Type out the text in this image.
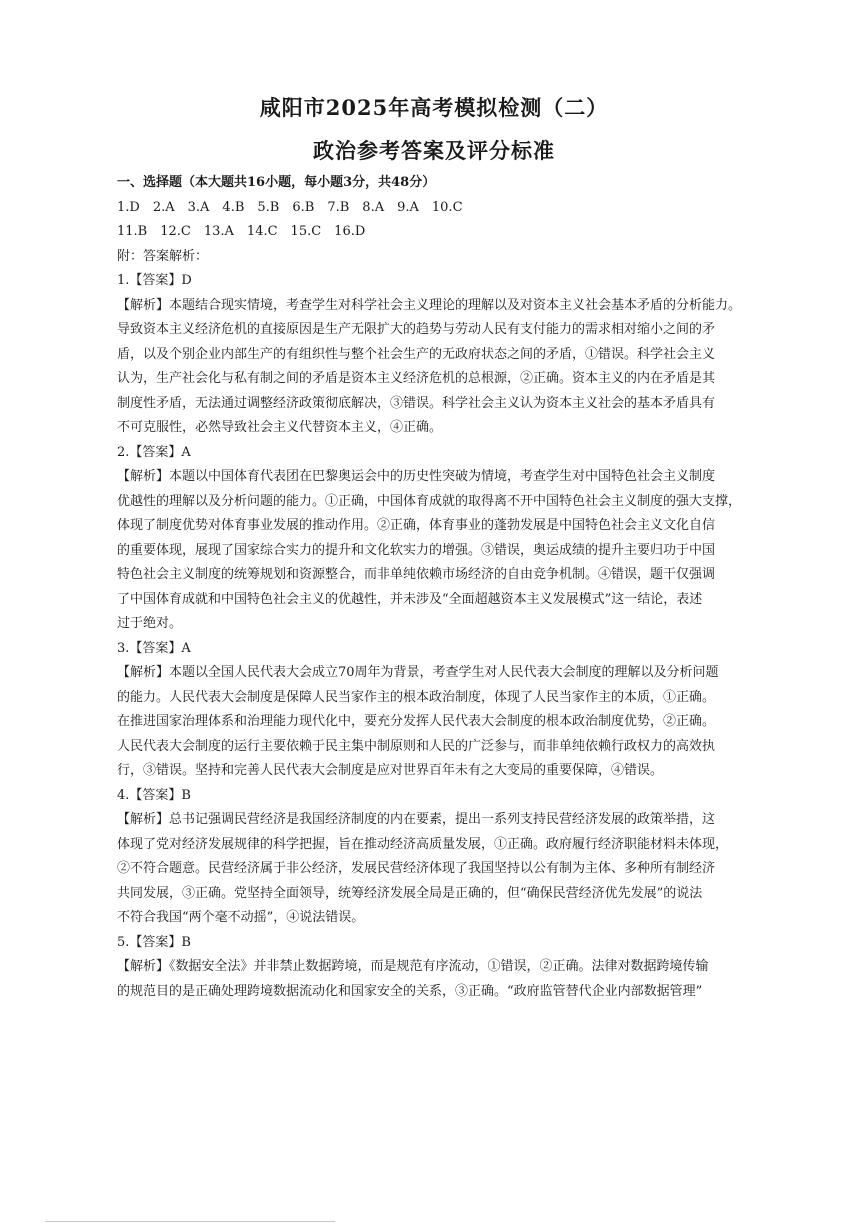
咸阳市2025年高考模拟检测（二）
政治参考答案及评分标准
一、选择题（本大题共16小题，每小题3分，共48分）
1.D 2.A 3.A 4.B 5.B 6.B 7.B 8.A 9.A 10.C
11.B 12.C 13.A 14.C 15.C 16.D
附：答案解析：
1.【答案】D
【解析】本题结合现实情境，考查学生对科学社会主义理论的理解以及对资本主义社会基本矛盾的分析能力。
导致资本主义经济危机的直接原因是生产无限扩大的趋势与劳动人民有支付能力的需求相对缩小之间的矛
盾，以及个别企业内部生产的有组织性与整个社会生产的无政府状态之间的矛盾，①错误。科学社会主义
认为，生产社会化与私有制之间的矛盾是资本主义经济危机的总根源，②正确。资本主义的内在矛盾是其
制度性矛盾，无法通过调整经济政策彻底解决，③错误。科学社会主义认为资本主义社会的基本矛盾具有
不可克服性，必然导致社会主义代替资本主义，④正确。
2.【答案】A
【解析】本题以中国体育代表团在巴黎奥运会中的历史性突破为情境，考查学生对中国特色社会主义制度
优越性的理解以及分析问题的能力。①正确，中国体育成就的取得离不开中国特色社会主义制度的强大支撑，
体现了制度优势对体育事业发展的推动作用。②正确，体育事业的蓬勃发展是中国特色社会主义文化自信
的重要体现，展现了国家综合实力的提升和文化软实力的增强。③错误，奥运成绩的提升主要归功于中国
特色社会主义制度的统筹规划和资源整合，而非单纯依赖市场经济的自由竞争机制。④错误，题干仅强调
了中国体育成就和中国特色社会主义的优越性，并未涉及“全面超越资本主义发展模式”这一结论，表述
过于绝对。
3.【答案】A
【解析】本题以全国人民代表大会成立70周年为背景，考查学生对人民代表大会制度的理解以及分析问题
的能力。人民代表大会制度是保障人民当家作主的根本政治制度，体现了人民当家作主的本质，①正确。
在推进国家治理体系和治理能力现代化中，要充分发挥人民代表大会制度的根本政治制度优势，②正确。
人民代表大会制度的运行主要依赖于民主集中制原则和人民的广泛参与，而非单纯依赖行政权力的高效执
行，③错误。坚持和完善人民代表大会制度是应对世界百年未有之大变局的重要保障，④错误。
4.【答案】B
【解析】总书记强调民营经济是我国经济制度的内在要素，提出一系列支持民营经济发展的政策举措，这
体现了党对经济发展规律的科学把握，旨在推动经济高质量发展，①正确。政府履行经济职能材料未体现，
②不符合题意。民营经济属于非公经济，发展民营经济体现了我国坚持以公有制为主体、多种所有制经济
共同发展，③正确。党坚持全面领导，统筹经济发展全局是正确的，但“确保民营经济优先发展”的说法
不符合我国“两个毫不动摇”，④说法错误。
5.【答案】B
【解析】《数据安全法》并非禁止数据跨境，而是规范有序流动，①错误，②正确。法律对数据跨境传输
的规范目的是正确处理跨境数据流动化和国家安全的关系，③正确。“政府监管替代企业内部数据管理”
